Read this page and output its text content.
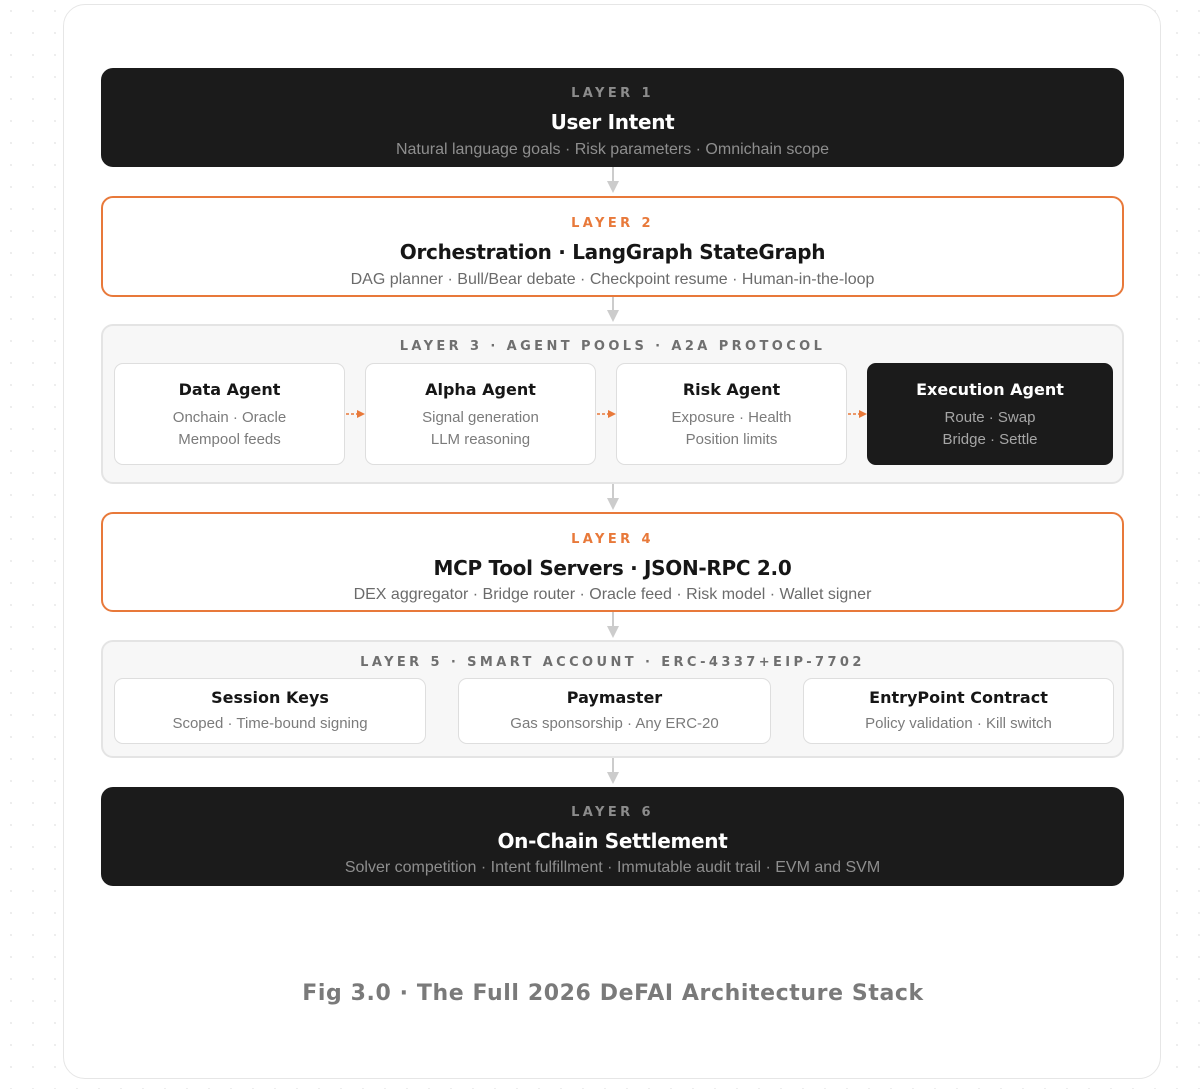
LAYER 1
User Intent
Natural language goals · Risk parameters · Omnichain scope
LAYER 2
Orchestration · LangGraph StateGraph
DAG planner · Bull/Bear debate · Checkpoint resume · Human-in-the-loop
LAYER 3 · AGENT POOLS · A2A PROTOCOL
Data Agent
Onchain · Oracle
Mempool feeds
Alpha Agent
Signal generation
LLM reasoning
Risk Agent
Exposure · Health
Position limits
Execution Agent
Route · Swap
Bridge · Settle
LAYER 4
MCP Tool Servers · JSON-RPC 2.0
DEX aggregator · Bridge router · Oracle feed · Risk model · Wallet signer
LAYER 5 · SMART ACCOUNT · ERC-4337+EIP-7702
Session Keys
Scoped · Time-bound signing
Paymaster
Gas sponsorship · Any ERC-20
EntryPoint Contract
Policy validation · Kill switch
LAYER 6
On-Chain Settlement
Solver competition · Intent fulfillment · Immutable audit trail · EVM and SVM
Fig 3.0 · The Full 2026 DeFAI Architecture Stack
